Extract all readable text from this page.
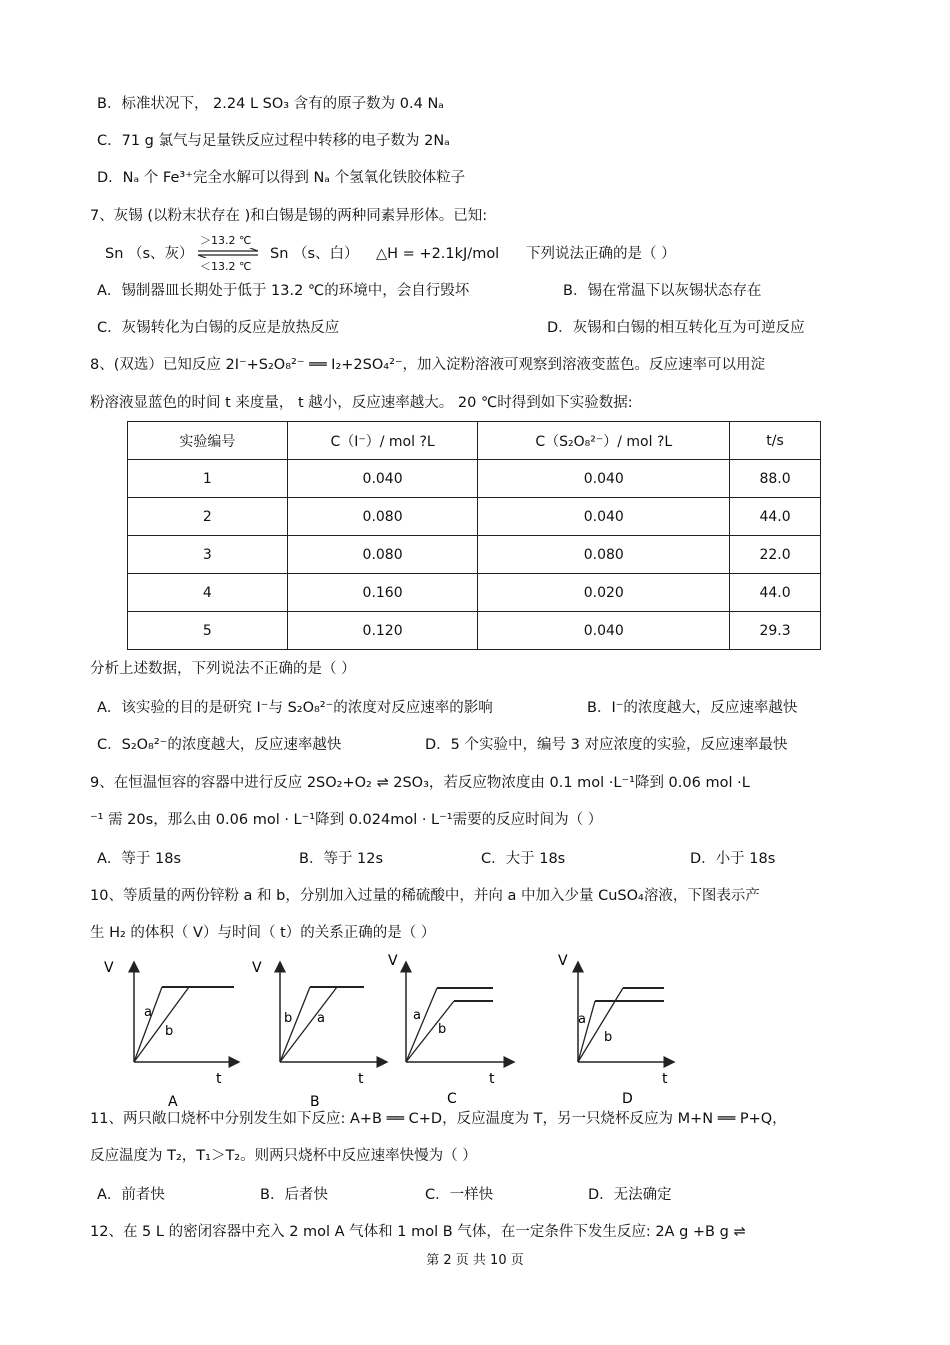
B．标准状况下， 2.24 L SO₃ 含有的原子数为 0.4 Nₐ
C．71 g 氯气与足量铁反应过程中转移的电子数为 2Nₐ
D．Nₐ 个 Fe³⁺完全水解可以得到 Nₐ 个氢氧化铁胶体粒子
7、灰锡 (以粉末状存在 )和白锡是锡的两种同素异形体。已知:
Sn （s、灰）
＞13.2 ℃
＜13.2 ℃
Sn （s、白） △H = +2.1kJ/mol 下列说法正确的是（ ）
A．锡制器皿长期处于低于 13.2 ℃的环境中，会自行毁坏	B．锡在常温下以灰锡状态存在
C．灰锡转化为白锡的反应是放热反应	D．灰锡和白锡的相互转化互为可逆反应
8、(双选）已知反应 2I⁻+S₂O₈²⁻ ══ I₂+2SO₄²⁻，加入淀粉溶液可观察到溶液变蓝色。反应速率可以用淀
粉溶液显蓝色的时间 t 来度量， t 越小，反应速率越大。 20 ℃时得到如下实验数据:
实验编号	C（I⁻）/ mol ?L	C（S₂O₈²⁻）/ mol ?L	t/s
1	0.040	0.040	88.0
2	0.080	0.040	44.0
3	0.080	0.080	22.0
4	0.160	0.020	44.0
5	0.120	0.040	29.3
分析上述数据，下列说法不正确的是（ ）
A．该实验的目的是研究 I⁻与 S₂O₈²⁻的浓度对反应速率的影响	B．I⁻的浓度越大，反应速率越快
C．S₂O₈²⁻的浓度越大，反应速率越快	D．5 个实验中，编号 3 对应浓度的实验，反应速率最快
9、在恒温恒容的容器中进行反应 2SO₂+O₂ ⇌ 2SO₃，若反应物浓度由 0.1 mol ·L⁻¹降到 0.06 mol ·L
⁻¹ 需 20s，那么由 0.06 mol · L⁻¹降到 0.024mol · L⁻¹需要的反应时间为（ ）
A．等于 18s	B．等于 12s	C．大于 18s	D．小于 18s
10、等质量的两份锌粉 a 和 b，分别加入过量的稀硫酸中，并向 a 中加入少量 CuSO₄溶液，下图表示产
生 H₂ 的体积（ V）与时间（ t）的关系正确的是（ ）
V
t
a
b
A
V
t
b a
B
V
t
a
b
C
V
t
a
b
D
11、两只敞口烧杯中分别发生如下反应: A+B ══ C+D，反应温度为 T，另一只烧杯反应为 M+N ══ P+Q，
反应温度为 T₂，T₁＞T₂。则两只烧杯中反应速率快慢为（ ）
A．前者快	B．后者快	C．一样快	D．无法确定
12、在 5 L 的密闭容器中充入 2 mol A 气体和 1 mol B 气体，在一定条件下发生反应: 2A g +B g ⇌
第 2 页 共 10 页
